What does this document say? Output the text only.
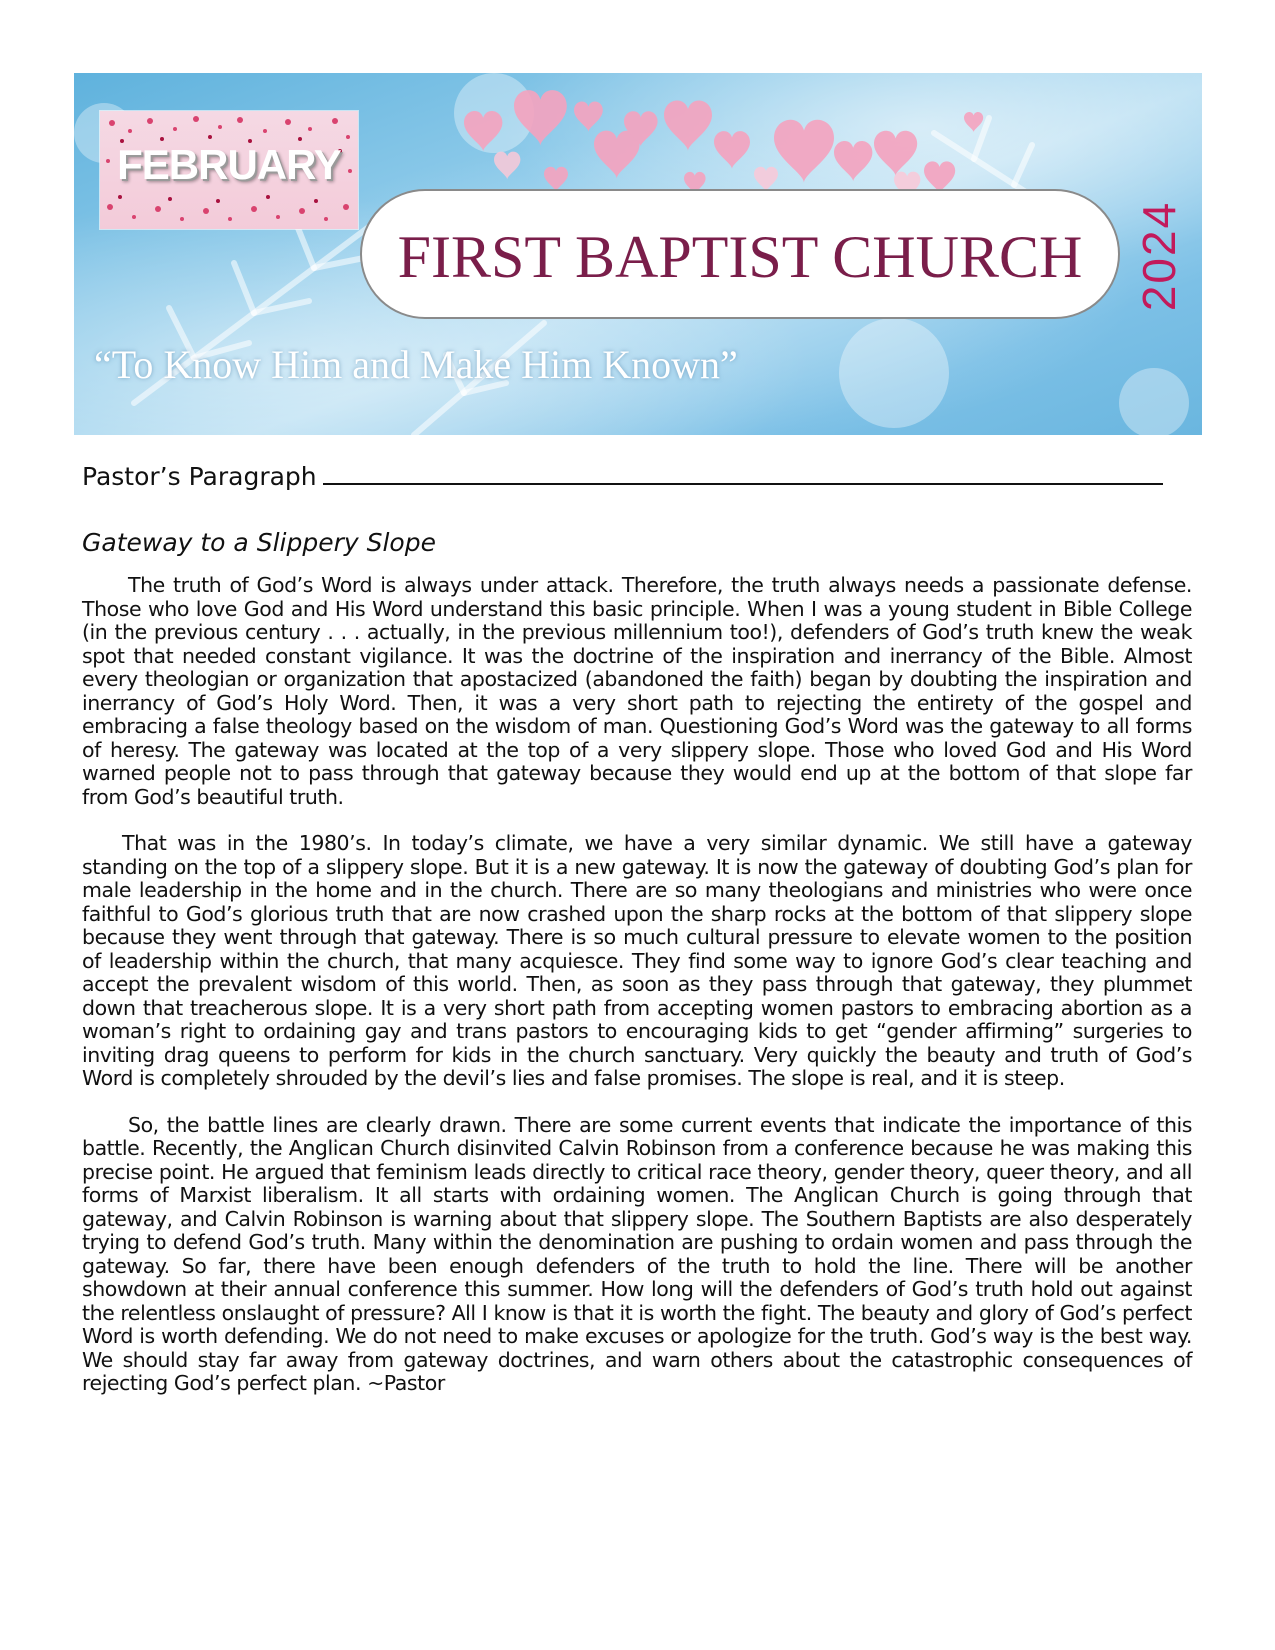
FEBRUARY
FIRST BAPTIST CHURCH	2024
“To Know Him and Make Him Known”
Pastor’s Paragraph
Gateway to a Slippery Slope

The truth of God’s Word is always under attack. Therefore, the truth always needs a passionate defense. Those who love God and His Word understand this basic principle. When I was a young student in Bible College (in the previous century . . . actually, in the previous millennium too!), defenders of God’s truth knew the weak spot that needed constant vigilance. It was the doctrine of the inspiration and inerrancy of the Bible. Almost every theologian or organization that apostacized (abandoned the faith) began by doubting the inspiration and inerrancy of God’s Holy Word. Then, it was a very short path to rejecting the entirety of the gospel and embracing a false theology based on the wisdom of man. Questioning God’s Word was the gateway to all forms of heresy. The gateway was located at the top of a very slippery slope. Those who loved God and His Word warned people not to pass through that gateway because they would end up at the bottom of that slope far from God’s beautiful truth.

That was in the 1980’s. In today’s climate, we have a very similar dynamic. We still have a gateway standing on the top of a slippery slope. But it is a new gateway. It is now the gateway of doubting God’s plan for male leadership in the home and in the church. There are so many theologians and ministries who were once faithful to God’s glorious truth that are now crashed upon the sharp rocks at the bottom of that slippery slope because they went through that gateway. There is so much cultural pressure to elevate women to the position of leadership within the church, that many acquiesce. They find some way to ignore God’s clear teaching and accept the prevalent wisdom of this world. Then, as soon as they pass through that gateway, they plummet down that treacherous slope. It is a very short path from accepting women pastors to embracing abortion as a woman’s right to ordaining gay and trans pastors to encouraging kids to get “gender affirming” surgeries to inviting drag queens to perform for kids in the church sanctuary. Very quickly the beauty and truth of God’s Word is completely shrouded by the devil’s lies and false promises. The slope is real, and it is steep.

So, the battle lines are clearly drawn. There are some current events that indicate the importance of this battle. Recently, the Anglican Church disinvited Calvin Robinson from a conference because he was making this precise point. He argued that feminism leads directly to critical race theory, gender theory, queer theory, and all forms of Marxist liberalism. It all starts with ordaining women. The Anglican Church is going through that gateway, and Calvin Robinson is warning about that slippery slope. The Southern Baptists are also desperately trying to defend God’s truth. Many within the denomination are pushing to ordain women and pass through the gateway. So far, there have been enough defenders of the truth to hold the line. There will be another showdown at their annual conference this summer. How long will the defenders of God’s truth hold out against the relentless onslaught of pressure? All I know is that it is worth the fight. The beauty and glory of God’s perfect Word is worth defending. We do not need to make excuses or apologize for the truth. God’s way is the best way. We should stay far away from gateway doctrines, and warn others about the catastrophic consequences of rejecting God’s perfect plan. ~Pastor
